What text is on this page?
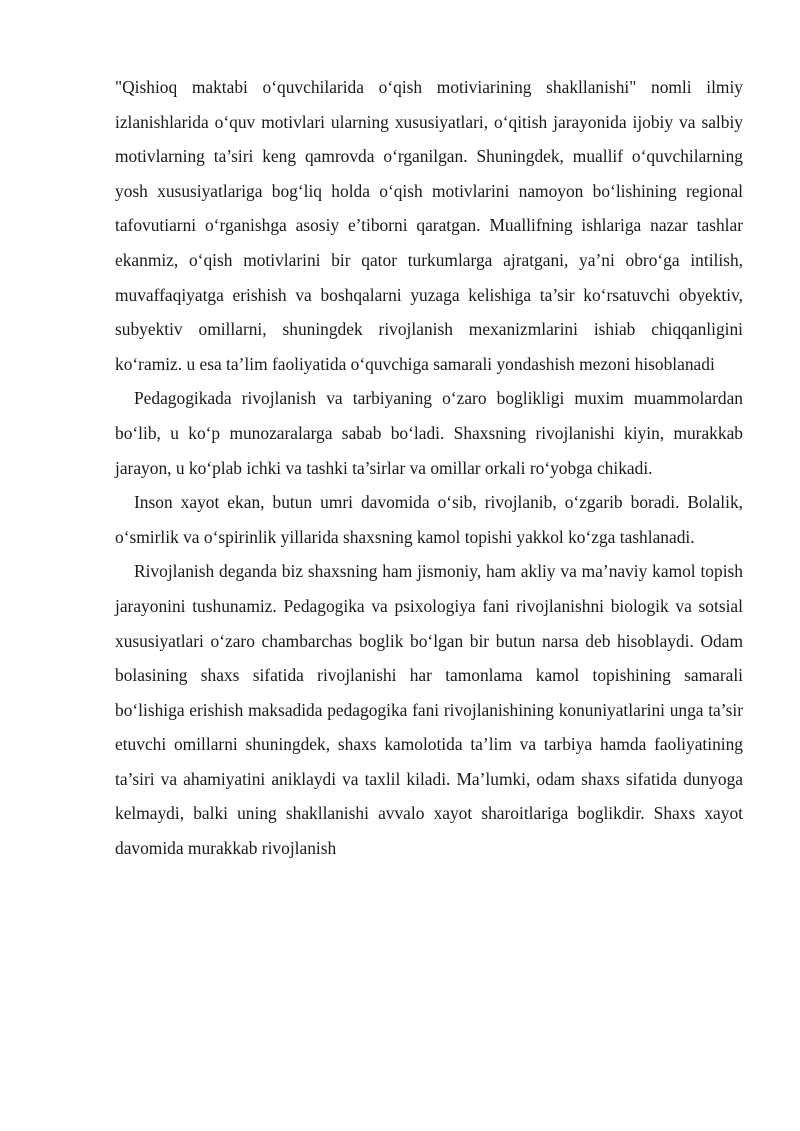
"Qishioq maktabi o‘quvchilarida o‘qish motiviarining shakllanishi" nomli ilmiy izlanishlarida o‘quv motivlari ularning xususiyatlari, o‘qitish jarayonida ijobiy va salbiy motivlarning ta’siri keng qamrovda o‘rganilgan. Shuningdek, muallif o‘quvchilarning yosh xususiyatlariga bog‘liq holda o‘qish motivlarini namoyon bo‘lishining regional tafovutiarni o‘rganishga asosiy e’tiborni qaratgan. Muallifning ishlariga nazar tashlar ekanmiz, o‘qish motivlarini bir qator turkumlarga ajratgani, ya’ni obro‘ga intilish, muvaffaqiyatga erishish va boshqalarni yuzaga kelishiga ta’sir ko‘rsatuvchi obyektiv, subyektiv omillarni, shuningdek rivojlanish mexanizmlarini ishiab chiqqanligini ko‘ramiz. u esa ta’lim faoliyatida o‘quvchiga samarali yondashish mezoni hisoblanadi

Pedagogikada rivojlanish va tarbiyaning o‘zaro boglikligi muxim muammolardan bo‘lib, u ko‘p munozaralarga sabab bo‘ladi. Shaxsning rivojlanishi kiyin, murakkab jarayon, u ko‘plab ichki va tashki ta’sirlar va omillar orkali ro‘yobga chikadi.

Inson xayot ekan, butun umri davomida o‘sib, rivojlanib, o‘zgarib boradi. Bolalik, o‘smirlik va o‘spirinlik yillarida shaxsning kamol topishi yakkol ko‘zga tashlanadi.

Rivojlanish deganda biz shaxsning ham jismoniy, ham akliy va ma’naviy kamol topish jarayonini tushunamiz. Pedagogika va psixologiya fani rivojlanishni biologik va sotsial xususiyatlari o‘zaro chambarchas boglik bo‘lgan bir butun narsa deb hisoblaydi. Odam bolasining shaxs sifatida rivojlanishi har tamonlama kamol topishining samarali bo‘lishiga erishish maksadida pedagogika fani rivojlanishining konuniyatlarini unga ta’sir etuvchi omillarni shuningdek, shaxs kamolotida ta’lim va tarbiya hamda faoliyatining ta’siri va ahamiyatini aniklaydi va taxlil kiladi. Ma’lumki, odam shaxs sifatida dunyoga kelmaydi, balki uning shakllanishi avvalo xayot sharoitlariga boglikdir. Shaxs xayot davomida murakkab rivojlanish
